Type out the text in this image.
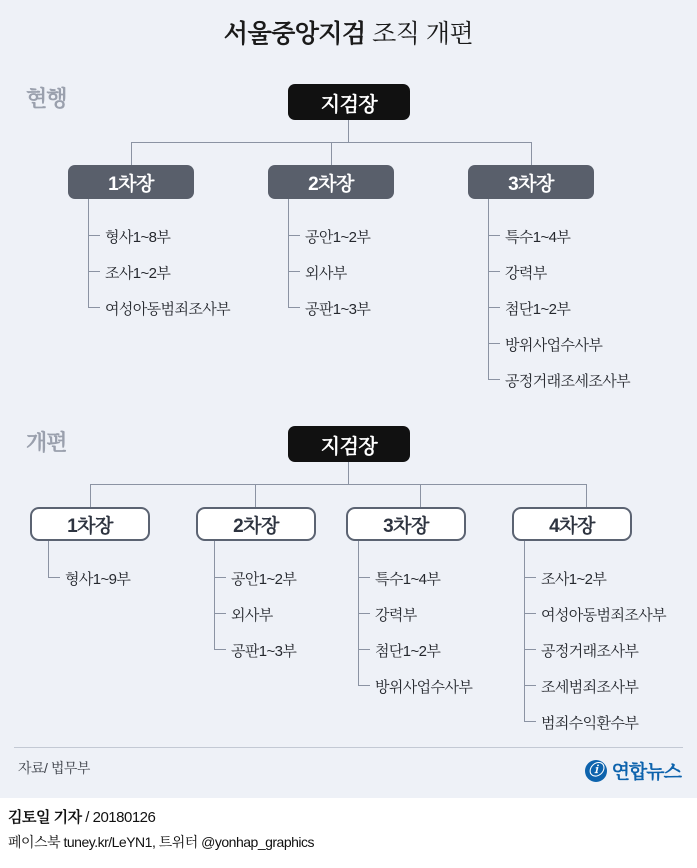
서울중앙지검 조직 개편
현행	지검장
1차장
형사1~8부
조사1~2부
여성아동범죄조사부
2차장
공안1~2부
외사부
공판1~3부
3차장
특수1~4부
강력부
첨단1~2부
방위사업수사부
공정거래조세조사부
개편	지검장
1차장
형사1~9부
2차장
공안1~2부
외사부
공판1~3부
3차장
특수1~4부
강력부
첨단1~2부
방위사업수사부
4차장
조사1~2부
여성아동범죄조사부
공정거래조사부
조세범죄조사부
범죄수익환수부
자료/ 법무부	ⓘ 연합뉴스
김토일 기자 / 20180126
페이스북 tuney.kr/LeYN1, 트위터 @yonhap_graphics
